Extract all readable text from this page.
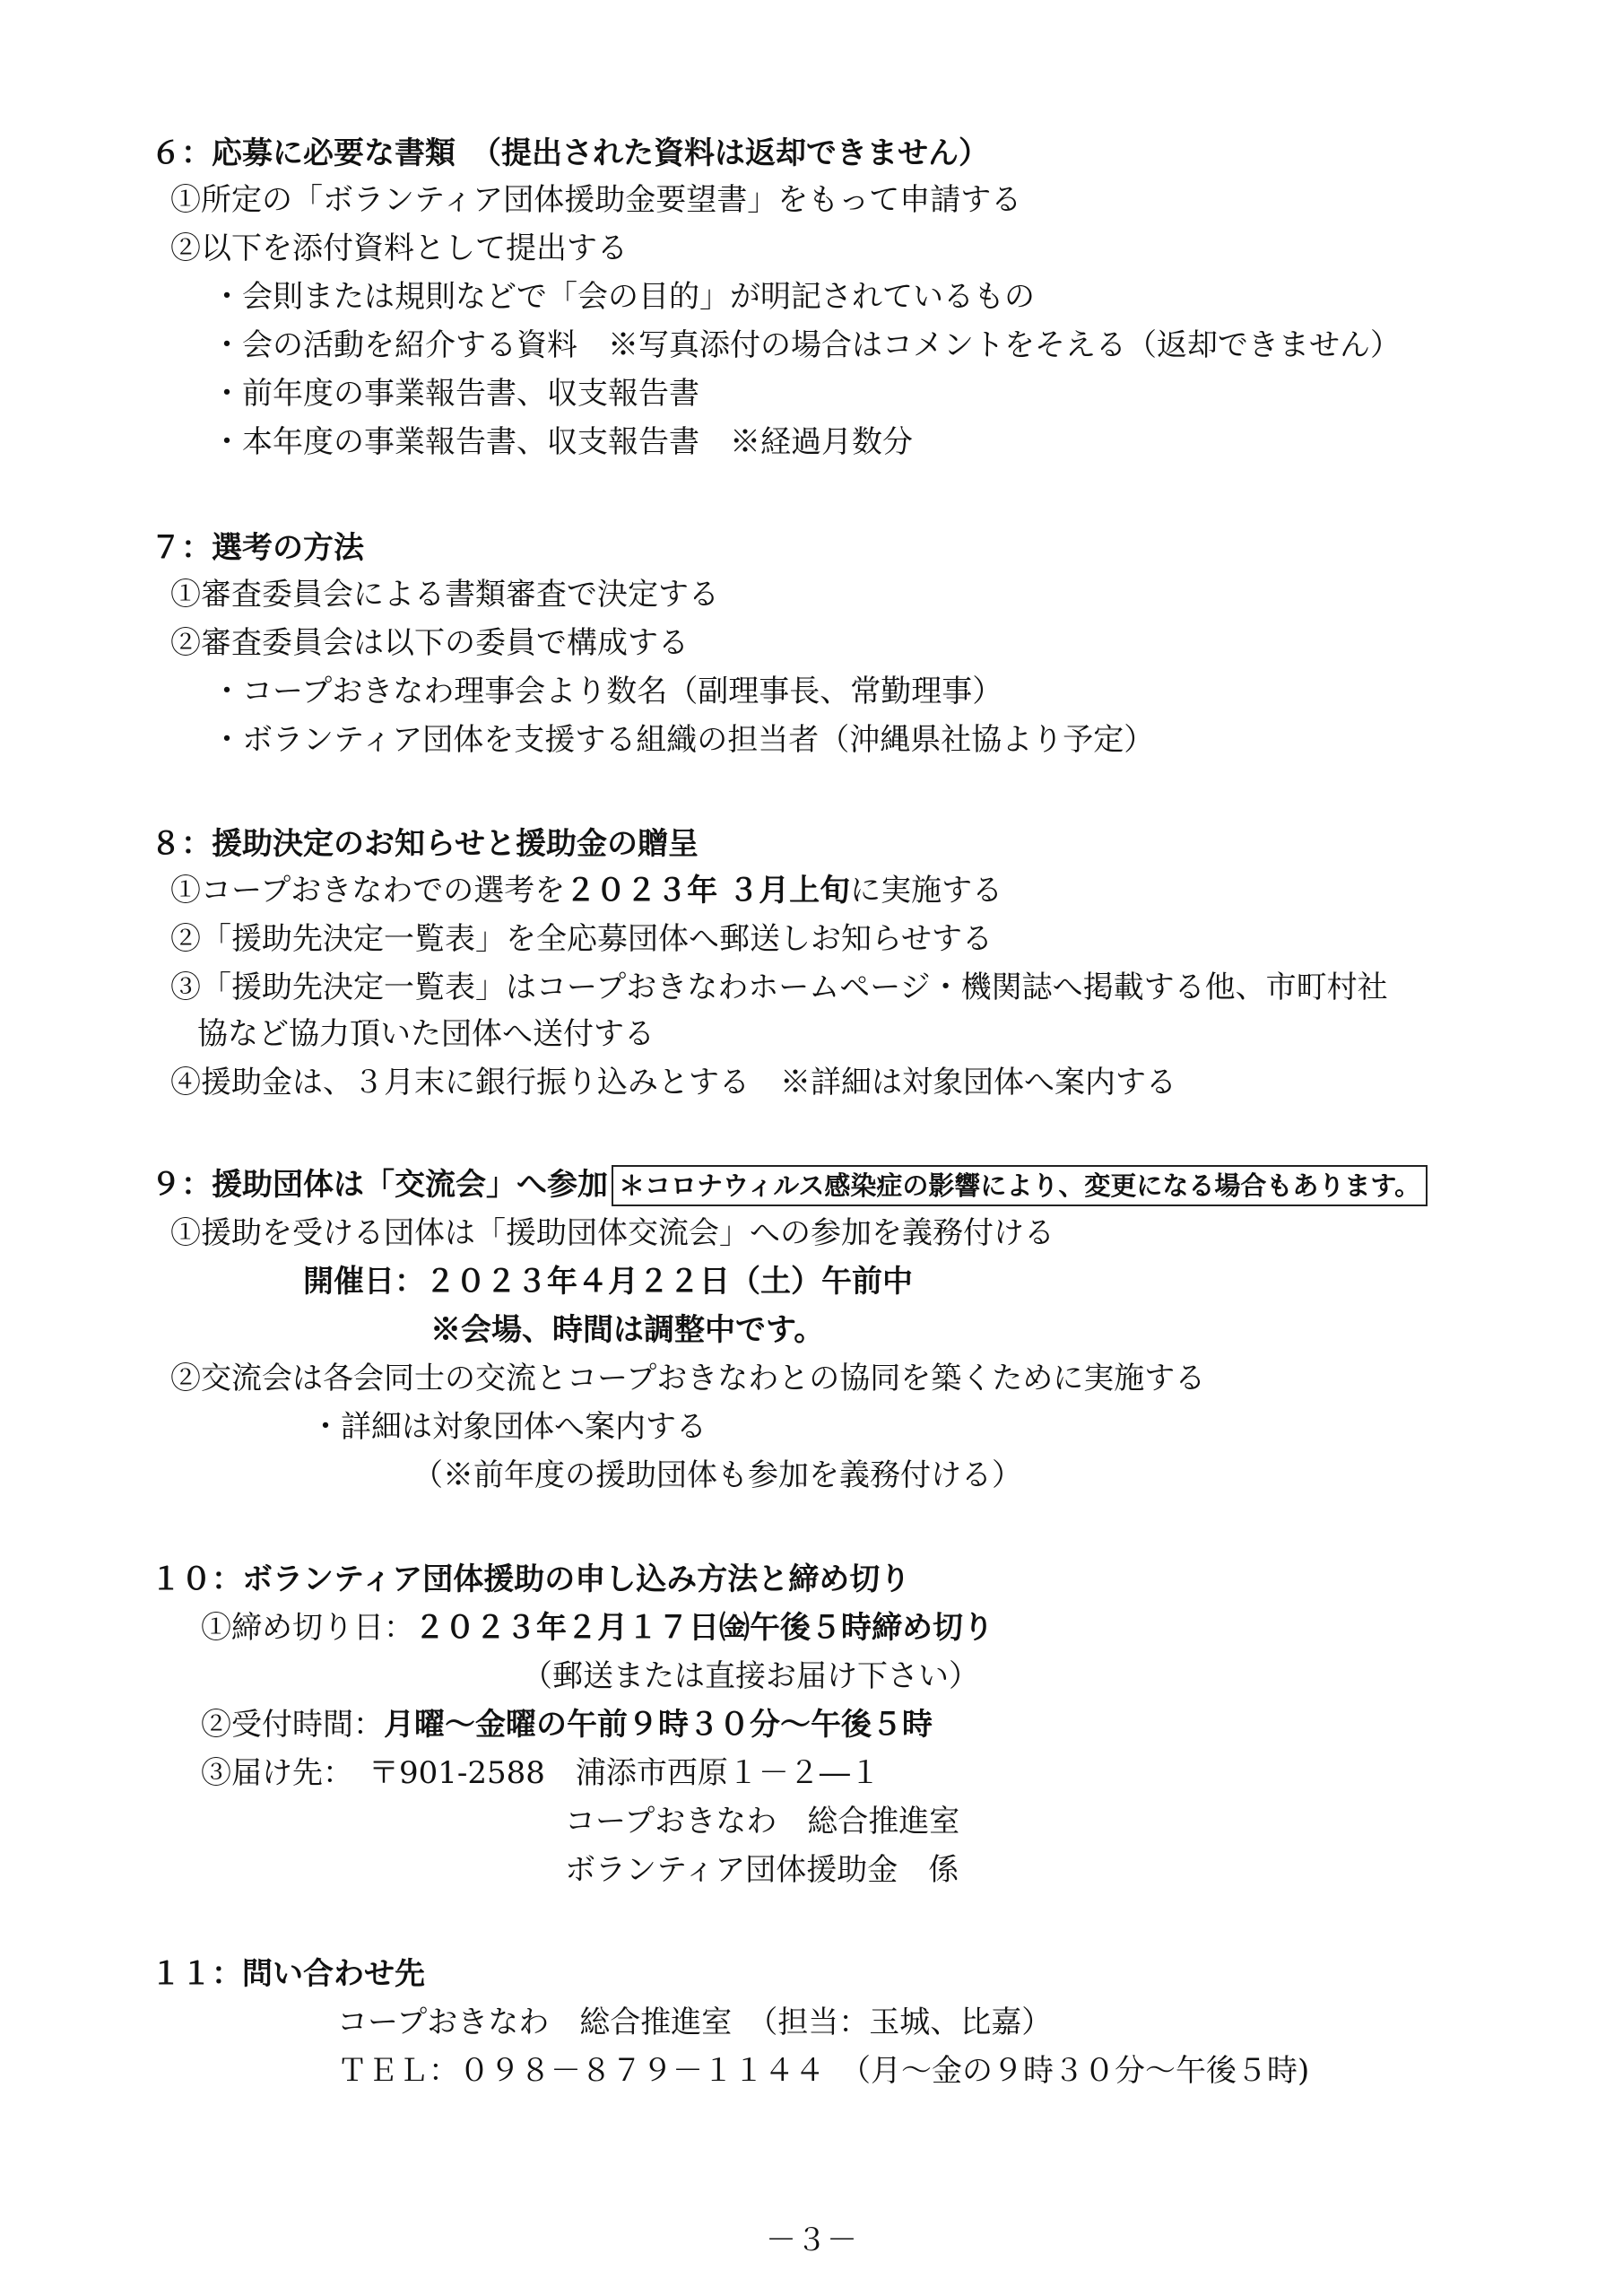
６：応募に必要な書類　（提出された資料は返却できません）
①所定の「ボランティア団体援助金要望書」をもって申請する
②以下を添付資料として提出する
・会則または規則などで「会の目的」が明記されているもの
・会の活動を紹介する資料　※写真添付の場合はコメントをそえる（返却できません）
・前年度の事業報告書、収支報告書
・本年度の事業報告書、収支報告書　※経過月数分
７：選考の方法
①審査委員会による書類審査で決定する
②審査委員会は以下の委員で構成する
・コープおきなわ理事会より数名（副理事長、常勤理事）
・ボランティア団体を支援する組織の担当者（沖縄県社協より予定）
８：援助決定のお知らせと援助金の贈呈
①コープおきなわでの選考を２０２３年 ３月上旬に実施する
②「援助先決定一覧表」を全応募団体へ郵送しお知らせする
③「援助先決定一覧表」はコープおきなわホームページ・機関誌へ掲載する他、市町村社
協など協力頂いた団体へ送付する
④援助金は、３月末に銀行振り込みとする　※詳細は対象団体へ案内する
９：援助団体は「交流会」へ参加 ＊コロナウィルス感染症の影響により、変更になる場合もあります。
①援助を受ける団体は「援助団体交流会」への参加を義務付ける
開催日：２０２３年４月２２日（土）午前中
※会場、時間は調整中です。
②交流会は各会同士の交流とコープおきなわとの協同を築くために実施する
・詳細は対象団体へ案内する
（※前年度の援助団体も参加を義務付ける）
１０：ボランティア団体援助の申し込み方法と締め切り
①締め切り日：２０２３年２月１７日㈮午後５時締め切り
（郵送または直接お届け下さい）
②受付時間：月曜～金曜の午前９時３０分～午後５時
③届け先：　〒901-2588　浦添市西原１－２―１
コープおきなわ　総合推進室
ボランティア団体援助金　係
１１：問い合わせ先
コープおきなわ　総合推進室　（担当：玉城、比嘉）
ＴＥＬ：０９８－８７９－１１４４　（月～金の９時３０分～午後５時)
－３－
